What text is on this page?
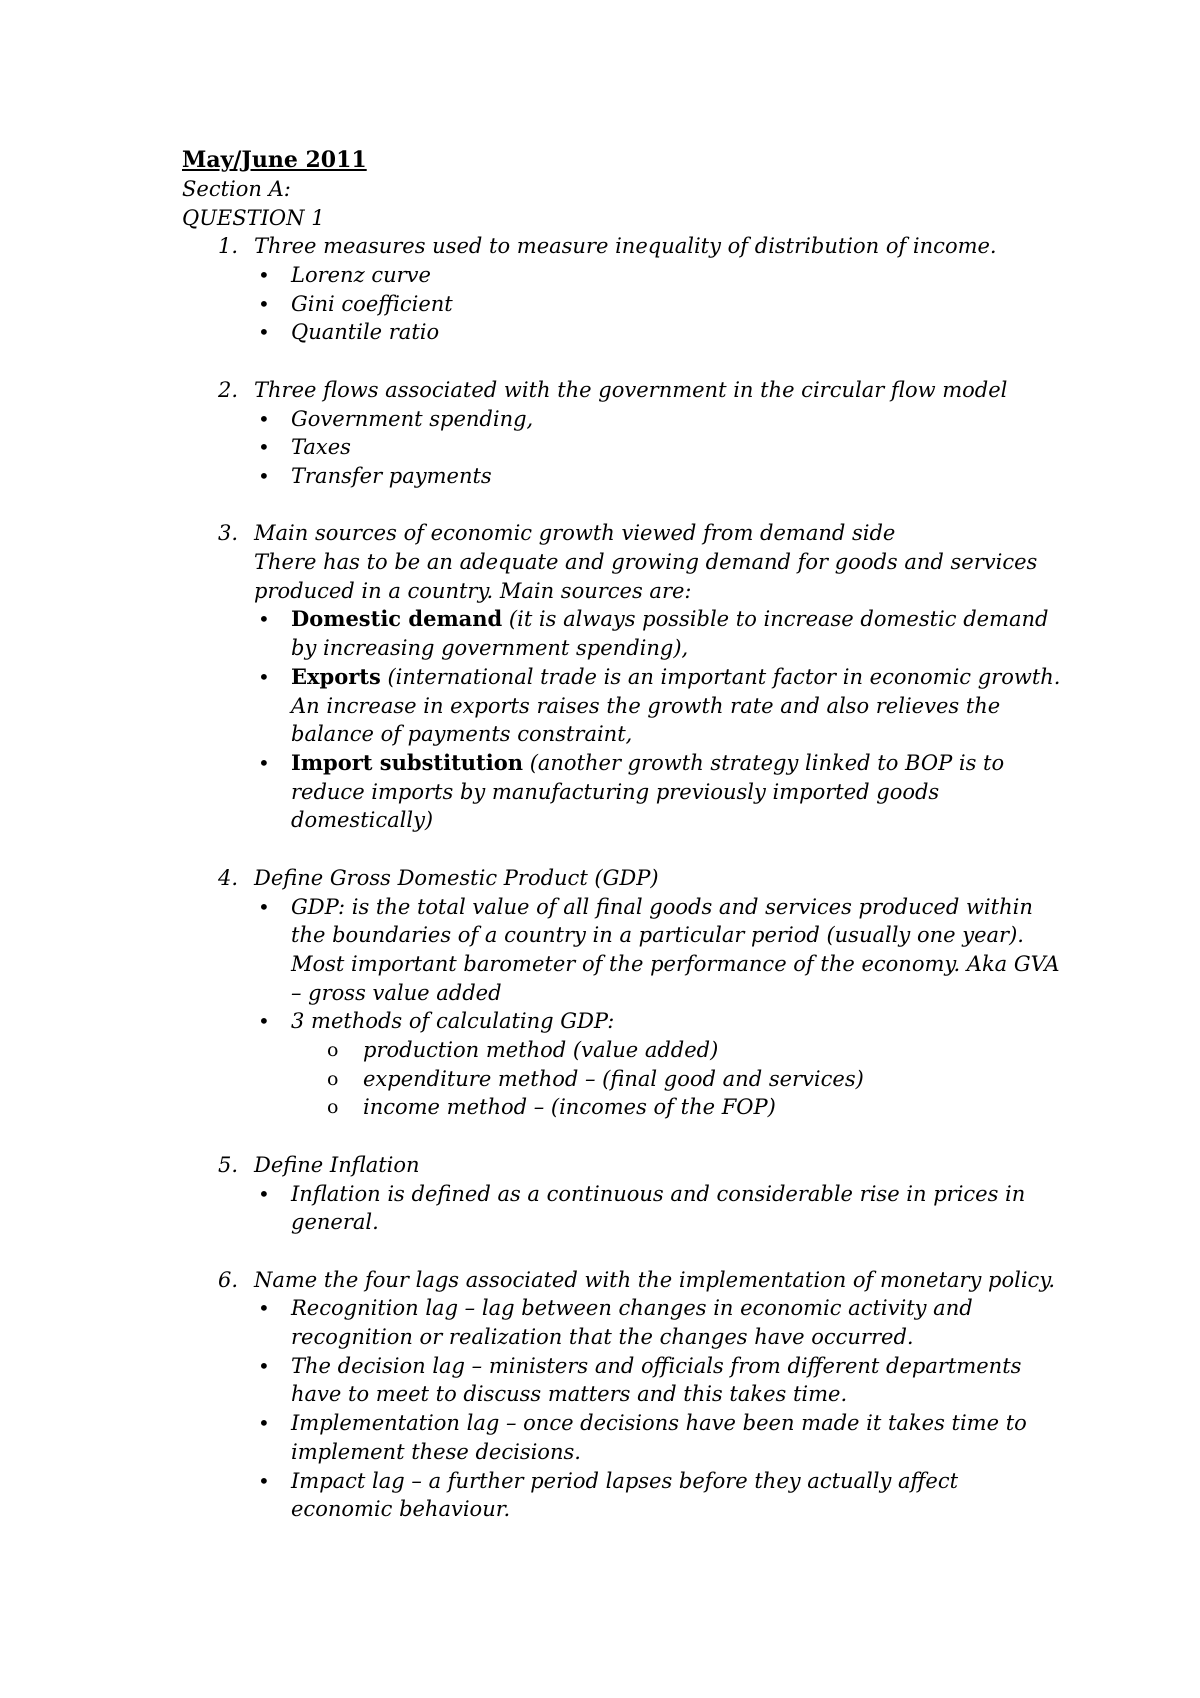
May/June 2011
Section A:
QUESTION 1
1. Three measures used to measure inequality of distribution of income.
• Lorenz curve
• Gini coefficient
• Quantile ratio
2. Three flows associated with the government in the circular flow model
• Government spending,
• Taxes
• Transfer payments
3. Main sources of economic growth viewed from demand side
There has to be an adequate and growing demand for goods and services produced in a country. Main sources are:
• Domestic demand (it is always possible to increase domestic demand by increasing government spending),
• Exports (international trade is an important factor in economic growth. An increase in exports raises the growth rate and also relieves the balance of payments constraint,
• Import substitution (another growth strategy linked to BOP is to reduce imports by manufacturing previously imported goods domestically)
4. Define Gross Domestic Product (GDP)
• GDP: is the total value of all final goods and services produced within the boundaries of a country in a particular period (usually one year). Most important barometer of the performance of the economy. Aka GVA – gross value added
• 3 methods of calculating GDP:
o	production method (value added)
o	expenditure method – (final good and services)
o	income method – (incomes of the FOP)
5. Define Inflation
• Inflation is defined as a continuous and considerable rise in prices in general.
6. Name the four lags associated with the implementation of monetary policy.
• Recognition lag – lag between changes in economic activity and recognition or realization that the changes have occurred.
• The decision lag – ministers and officials from different departments have to meet to discuss matters and this takes time.
• Implementation lag – once decisions have been made it takes time to implement these decisions.
• Impact lag – a further period lapses before they actually affect economic behaviour.
